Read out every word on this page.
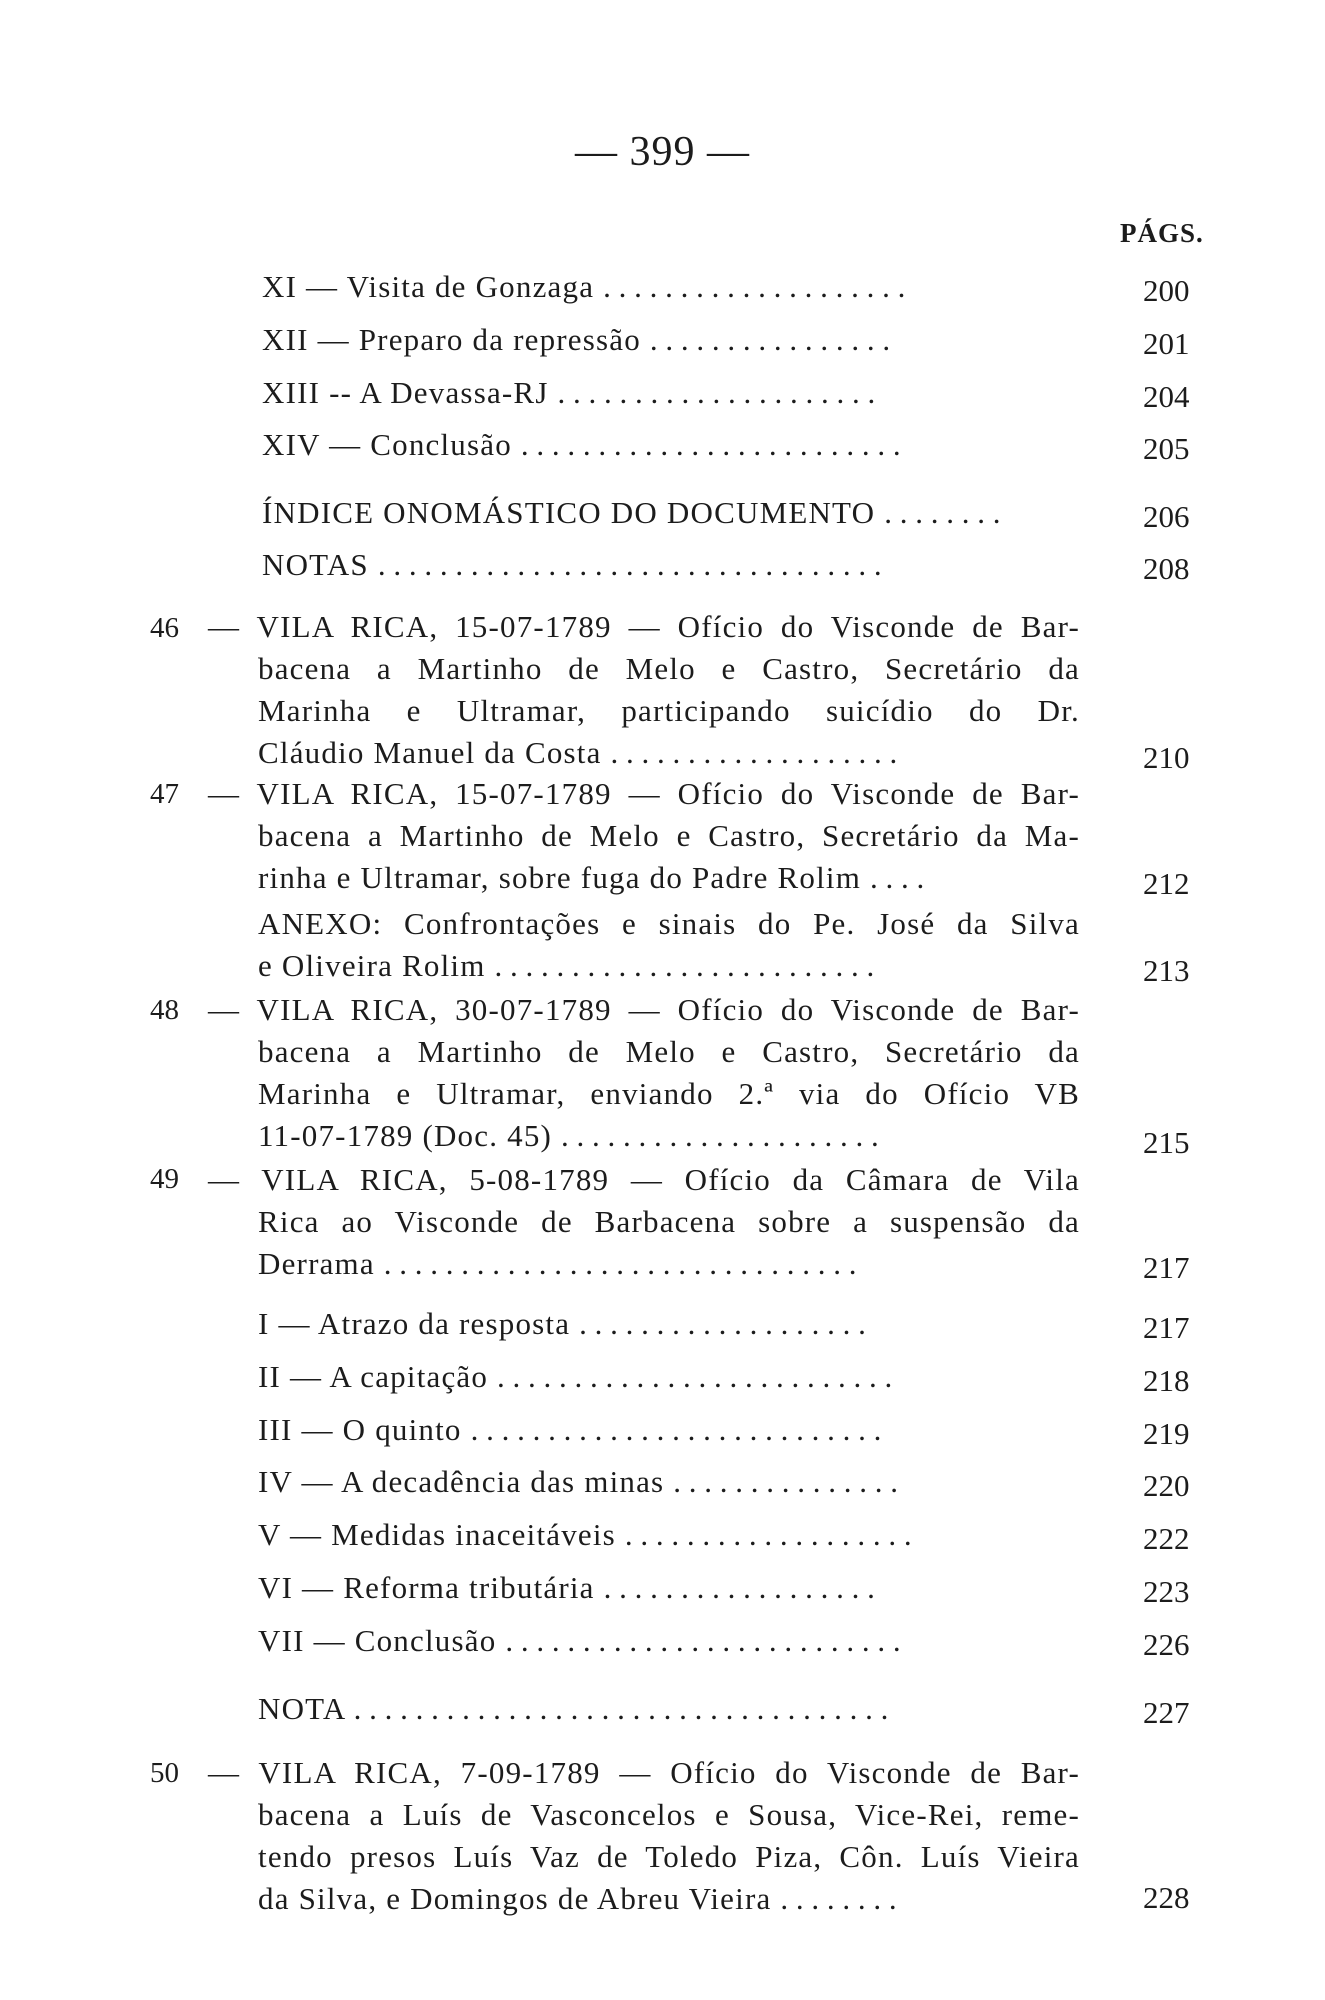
— 399 —
PÁGS.
XI — Visita de Gonzaga . . . . . . . . . . . . . . . . . . . .	200
XII — Preparo da repressão . . . . . . . . . . . . . . . .	201
XIII -- A Devassa-RJ . . . . . . . . . . . . . . . . . . . . .	204
XIV — Conclusão . . . . . . . . . . . . . . . . . . . . . . . . .	205
ÍNDICE ONOMÁSTICO DO DOCUMENTO . . . . . . . .	206
NOTAS . . . . . . . . . . . . . . . . . . . . . . . . . . . . . . . . .	208
46 — VILA RICA, 15-07-1789 — Ofício do Visconde de Bar-
bacena a Martinho de Melo e Castro, Secretário da
Marinha e Ultramar, participando suicídio do Dr.
Cláudio Manuel da Costa . . . . . . . . . . . . . . . . . . .	210
47 — VILA RICA, 15-07-1789 — Ofício do Visconde de Bar-
bacena a Martinho de Melo e Castro, Secretário da Ma-
rinha e Ultramar, sobre fuga do Padre Rolim . . . .	212
ANEXO: Confrontações e sinais do Pe. José da Silva
e Oliveira Rolim . . . . . . . . . . . . . . . . . . . . . . . . .	213
48 — VILA RICA, 30-07-1789 — Ofício do Visconde de Bar-
bacena a Martinho de Melo e Castro, Secretário da
Marinha e Ultramar, enviando 2.ª via do Ofício VB
11-07-1789 (Doc. 45) . . . . . . . . . . . . . . . . . . . . .	215
49 — VILA RICA, 5-08-1789 — Ofício da Câmara de Vila
Rica ao Visconde de Barbacena sobre a suspensão da
Derrama . . . . . . . . . . . . . . . . . . . . . . . . . . . . . . .	217
I — Atrazo da resposta . . . . . . . . . . . . . . . . . . .	217
II — A capitação . . . . . . . . . . . . . . . . . . . . . . . . . .	218
III — O quinto . . . . . . . . . . . . . . . . . . . . . . . . . . .	219
IV — A decadência das minas . . . . . . . . . . . . . . .	220
V — Medidas inaceitáveis . . . . . . . . . . . . . . . . . . .	222
VI — Reforma tributária . . . . . . . . . . . . . . . . . .	223
VII — Conclusão . . . . . . . . . . . . . . . . . . . . . . . . . .	226
NOTA . . . . . . . . . . . . . . . . . . . . . . . . . . . . . . . . . . .	227
50 — VILA RICA, 7-09-1789 — Ofício do Visconde de Bar-
bacena a Luís de Vasconcelos e Sousa, Vice-Rei, reme-
tendo presos Luís Vaz de Toledo Piza, Côn. Luís Vieira
da Silva, e Domingos de Abreu Vieira . . . . . . . .	228
